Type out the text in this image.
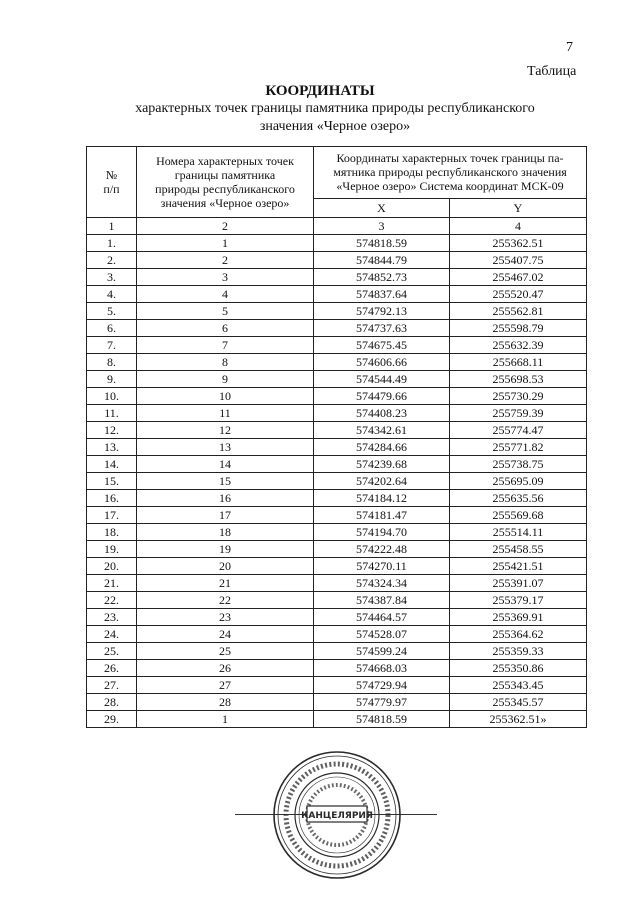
7
Таблица
КООРДИНАТЫ
характерных точек границы памятника природы республиканского
значения «Черное озеро»
№ п/п	Номера характерных точек границы памятника природы республиканского значения «Черное озеро»	Координаты характерных точек границы па- мятника природы республиканского значения «Черное озеро» Система координат МСК-09	
		X	Y
1	2	3	4
1.	1	574818.59	255362.51
2.	2	574844.79	255407.75
3.	3	574852.73	255467.02
4.	4	574837.64	255520.47
5.	5	574792.13	255562.81
6.	6	574737.63	255598.79
7.	7	574675.45	255632.39
8.	8	574606.66	255668.11
9.	9	574544.49	255698.53
10.	10	574479.66	255730.29
11.	11	574408.23	255759.39
12.	12	574342.61	255774.47
13.	13	574284.66	255771.82
14.	14	574239.68	255738.75
15.	15	574202.64	255695.09
16.	16	574184.12	255635.56
17.	17	574181.47	255569.68
18.	18	574194.70	255514.11
19.	19	574222.48	255458.55
20.	20	574270.11	255421.51
21.	21	574324.34	255391.07
22.	22	574387.84	255379.17
23.	23	574464.57	255369.91
24.	24	574528.07	255364.62
25.	25	574599.24	255359.33
26.	26	574668.03	255350.86
27.	27	574729.94	255343.45
28.	28	574779.97	255345.57
29.	1	574818.59	255362.51»
КАНЦЕЛЯРИЯ
